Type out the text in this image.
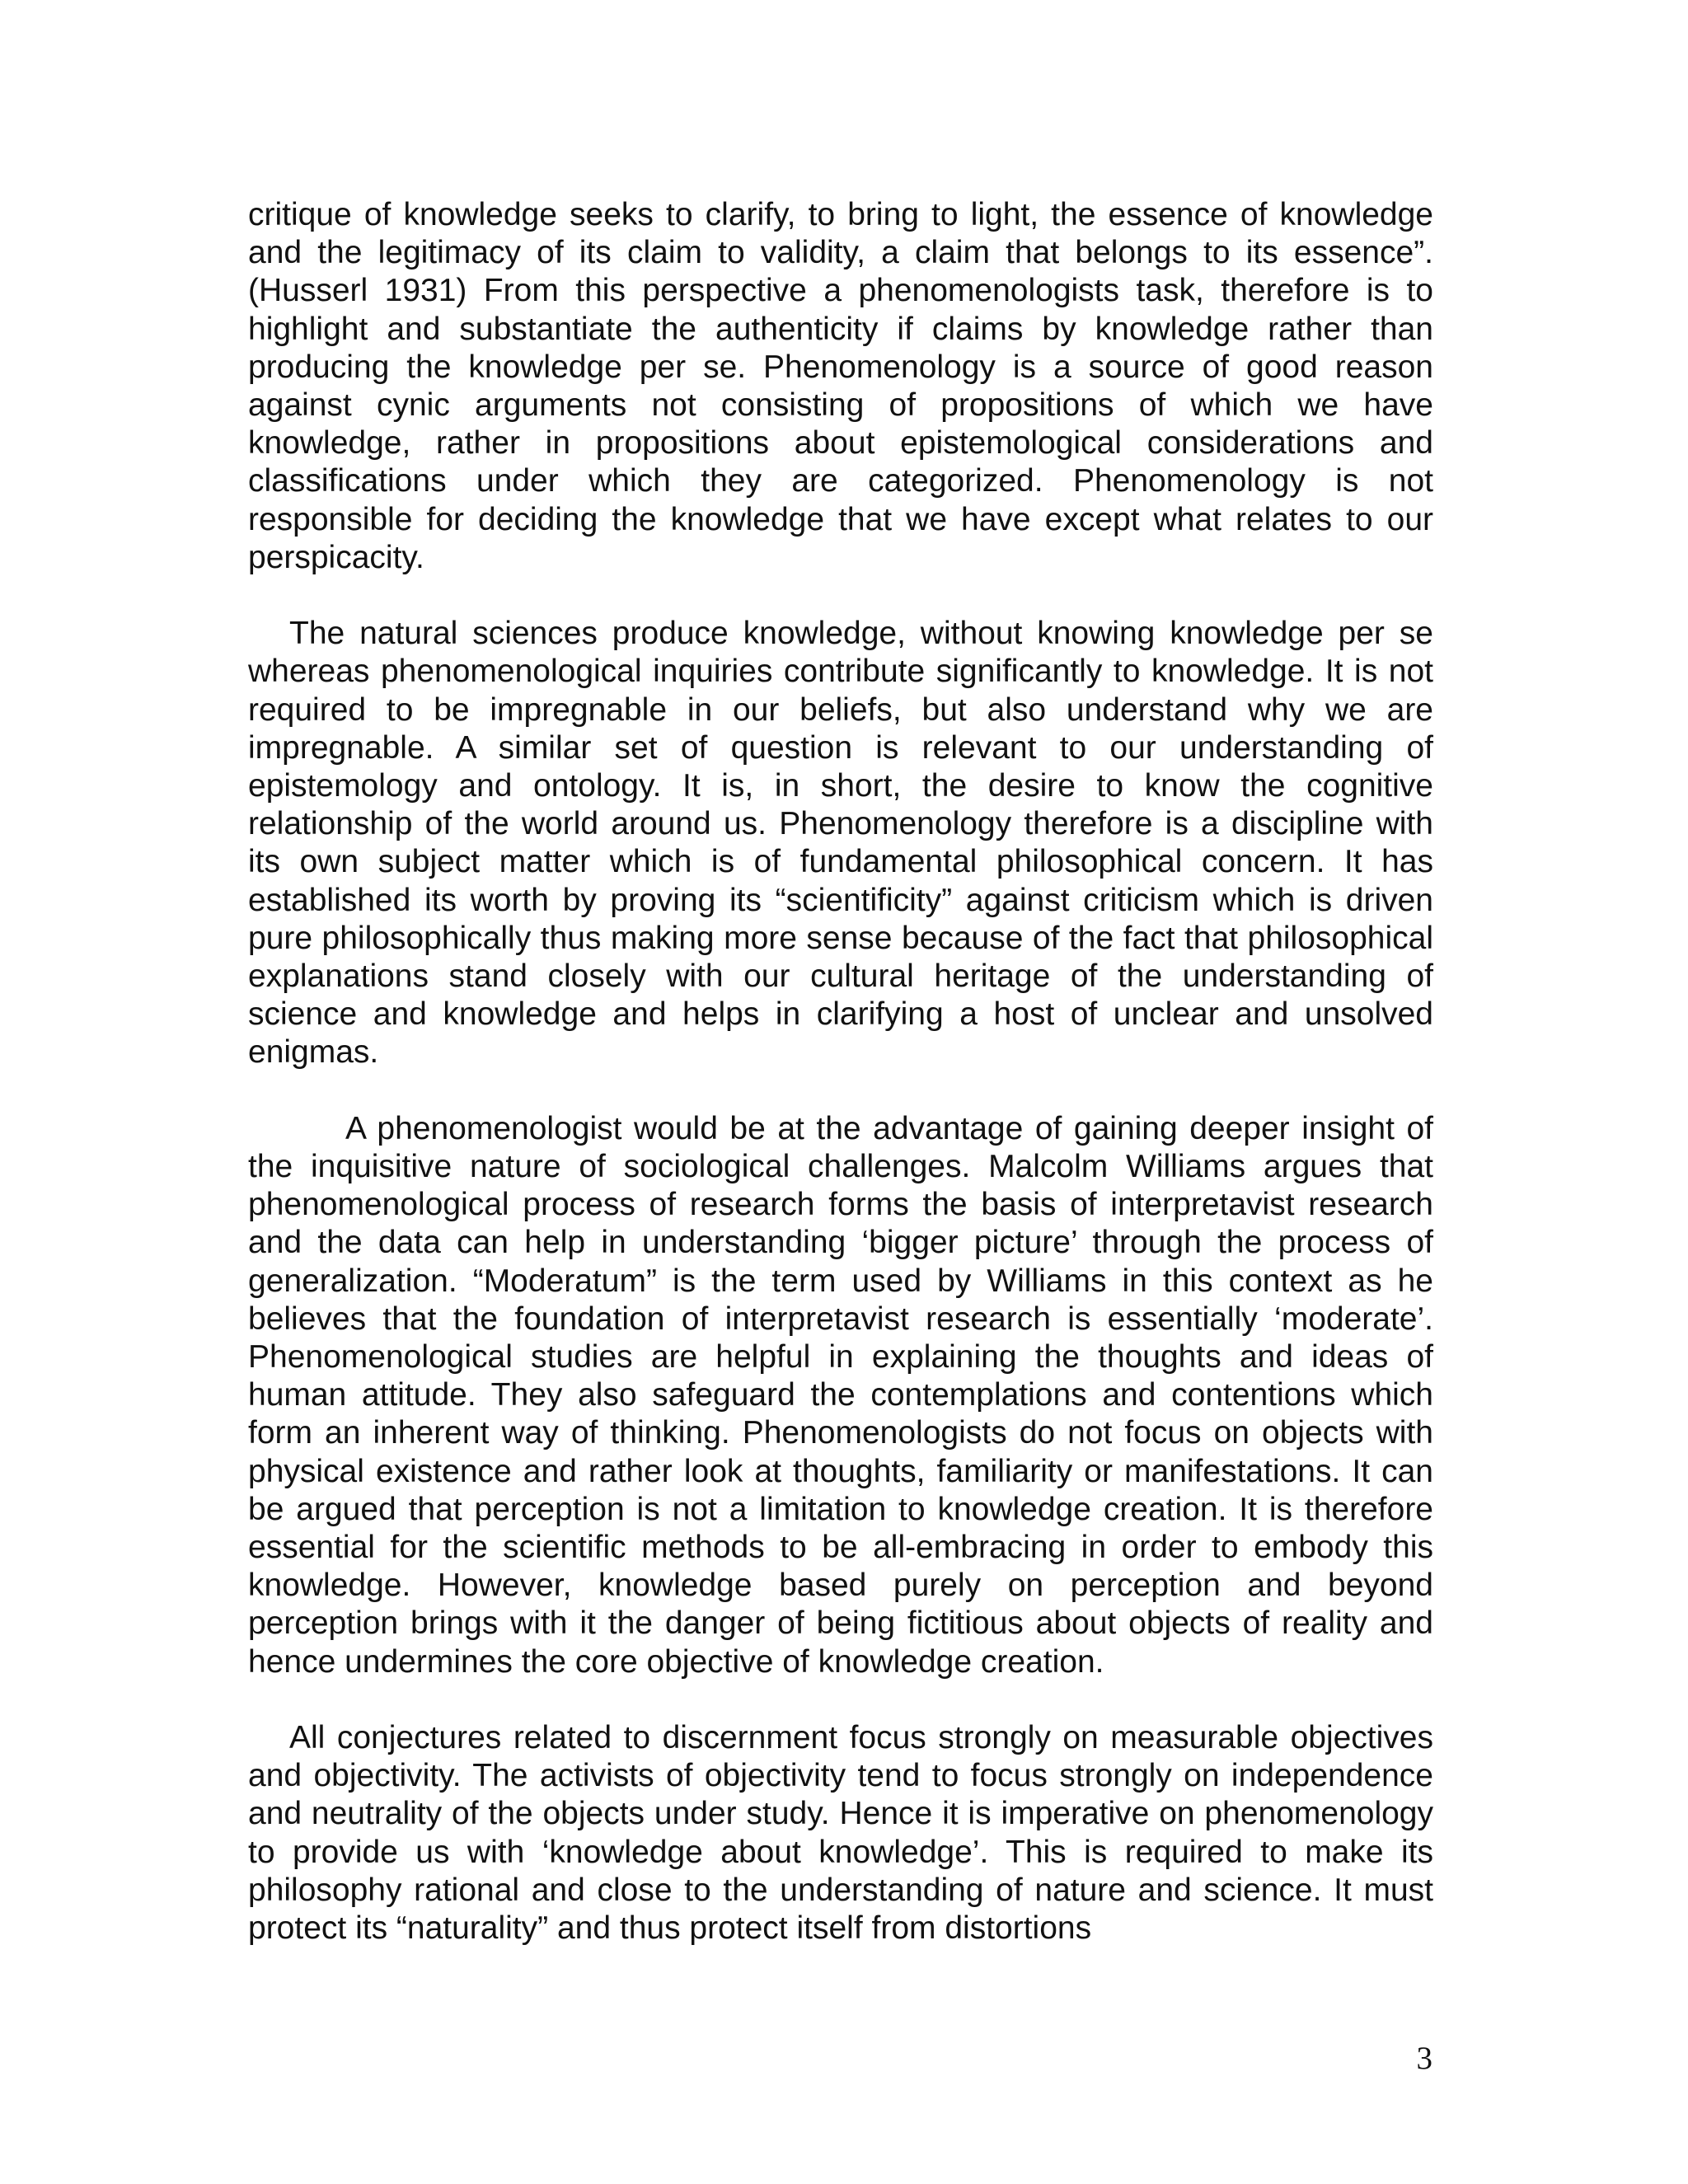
critique of knowledge seeks to clarify, to bring to light, the essence of knowledge and the legitimacy of its claim to validity, a claim that belongs to its essence”.(Husserl 1931) From this perspective a phenomenologists task, therefore is to highlight and substantiate the authenticity if claims by knowledge rather than producing the knowledge per se. Phenomenology is a source of good reason against cynic arguments not consisting of propositions of which we have knowledge, rather in propositions about epistemological considerations and classifications under which they are categorized. Phenomenology is not responsible for deciding the knowledge that we have except what relates to our perspicacity.

The natural sciences produce knowledge, without knowing knowledge per se whereas phenomenological inquiries contribute significantly to knowledge. It is not required to be impregnable in our beliefs, but also understand why we are impregnable. A similar set of question is relevant to our understanding of epistemology and ontology. It is, in short, the desire to know the cognitive relationship of the world around us. Phenomenology therefore is a discipline with its own subject matter which is of fundamental philosophical concern. It has established its worth by proving its “scientificity” against criticism which is driven pure philosophically thus making more sense because of the fact that philosophical explanations stand closely with our cultural heritage of the understanding of science and knowledge and helps in clarifying a host of unclear and unsolved enigmas.

A phenomenologist would be at the advantage of gaining deeper insight of the inquisitive nature of sociological challenges. Malcolm Williams argues that phenomenological process of research forms the basis of interpretavist research and the data can help in understanding ‘bigger picture’ through the process of generalization. “Moderatum” is the term used by Williams in this context as he believes that the foundation of interpretavist research is essentially ‘moderate’. Phenomenological studies are helpful in explaining the thoughts and ideas of human attitude. They also safeguard the contemplations and contentions which form an inherent way of thinking. Phenomenologists do not focus on objects with physical existence and rather look at thoughts, familiarity or manifestations. It can be argued that perception is not a limitation to knowledge creation. It is therefore essential for the scientific methods to be all-embracing in order to embody this knowledge. However, knowledge based purely on perception and beyond perception brings with it the danger of being fictitious about objects of reality and hence undermines the core objective of knowledge creation.

All conjectures related to discernment focus strongly on measurable objectives and objectivity. The activists of objectivity tend to focus strongly on independence and neutrality of the objects under study. Hence it is imperative on phenomenology to provide us with ‘knowledge about knowledge’. This is required to make its philosophy rational and close to the understanding of nature and science. It must protect its “naturality” and thus protect itself from distortions

3
